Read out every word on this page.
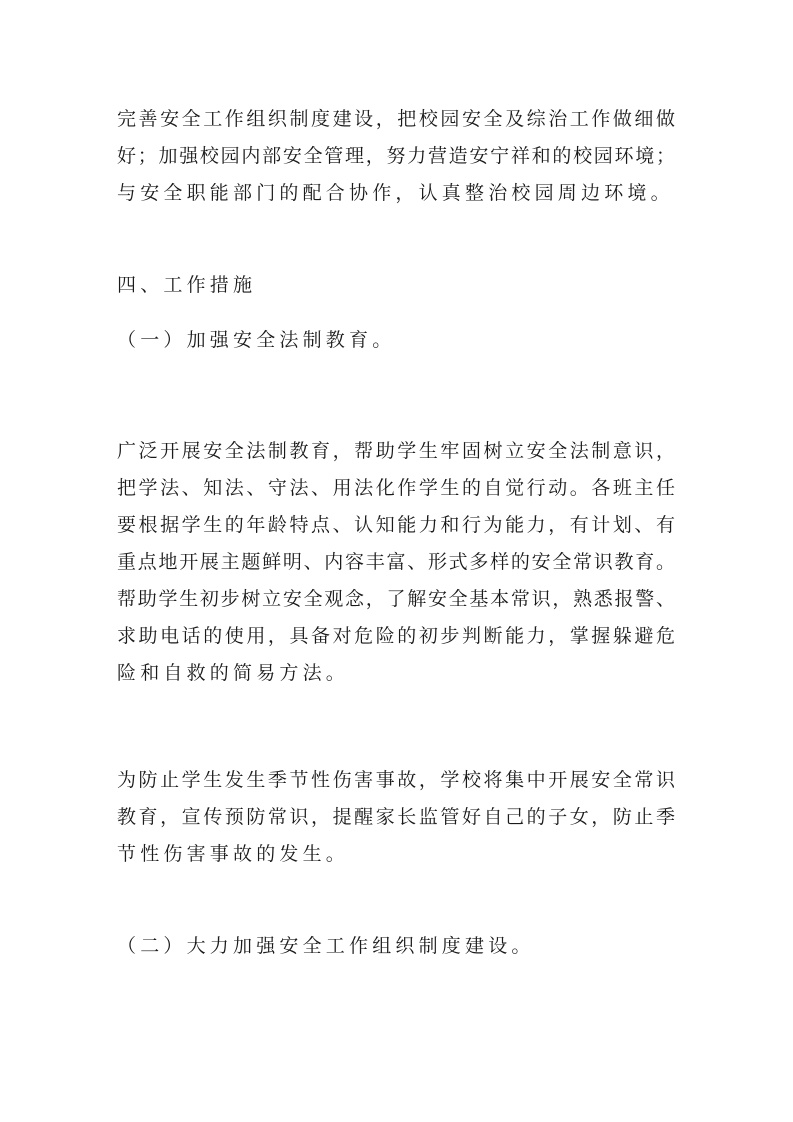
完善安全工作组织制度建设，把校园安全及综治工作做细做
好；加强校园内部安全管理，努力营造安宁祥和的校园环境；
与安全职能部门的配合协作，认真整治校园周边环境。
四、工作措施
（一）加强安全法制教育。
广泛开展安全法制教育，帮助学生牢固树立安全法制意识，
把学法、知法、守法、用法化作学生的自觉行动。各班主任
要根据学生的年龄特点、认知能力和行为能力，有计划、有
重点地开展主题鲜明、内容丰富、形式多样的安全常识教育。
帮助学生初步树立安全观念，了解安全基本常识，熟悉报警、
求助电话的使用，具备对危险的初步判断能力，掌握躲避危
险和自救的简易方法。
为防止学生发生季节性伤害事故，学校将集中开展安全常识
教育，宣传预防常识，提醒家长监管好自己的子女，防止季
节性伤害事故的发生。
（二）大力加强安全工作组织制度建设。
